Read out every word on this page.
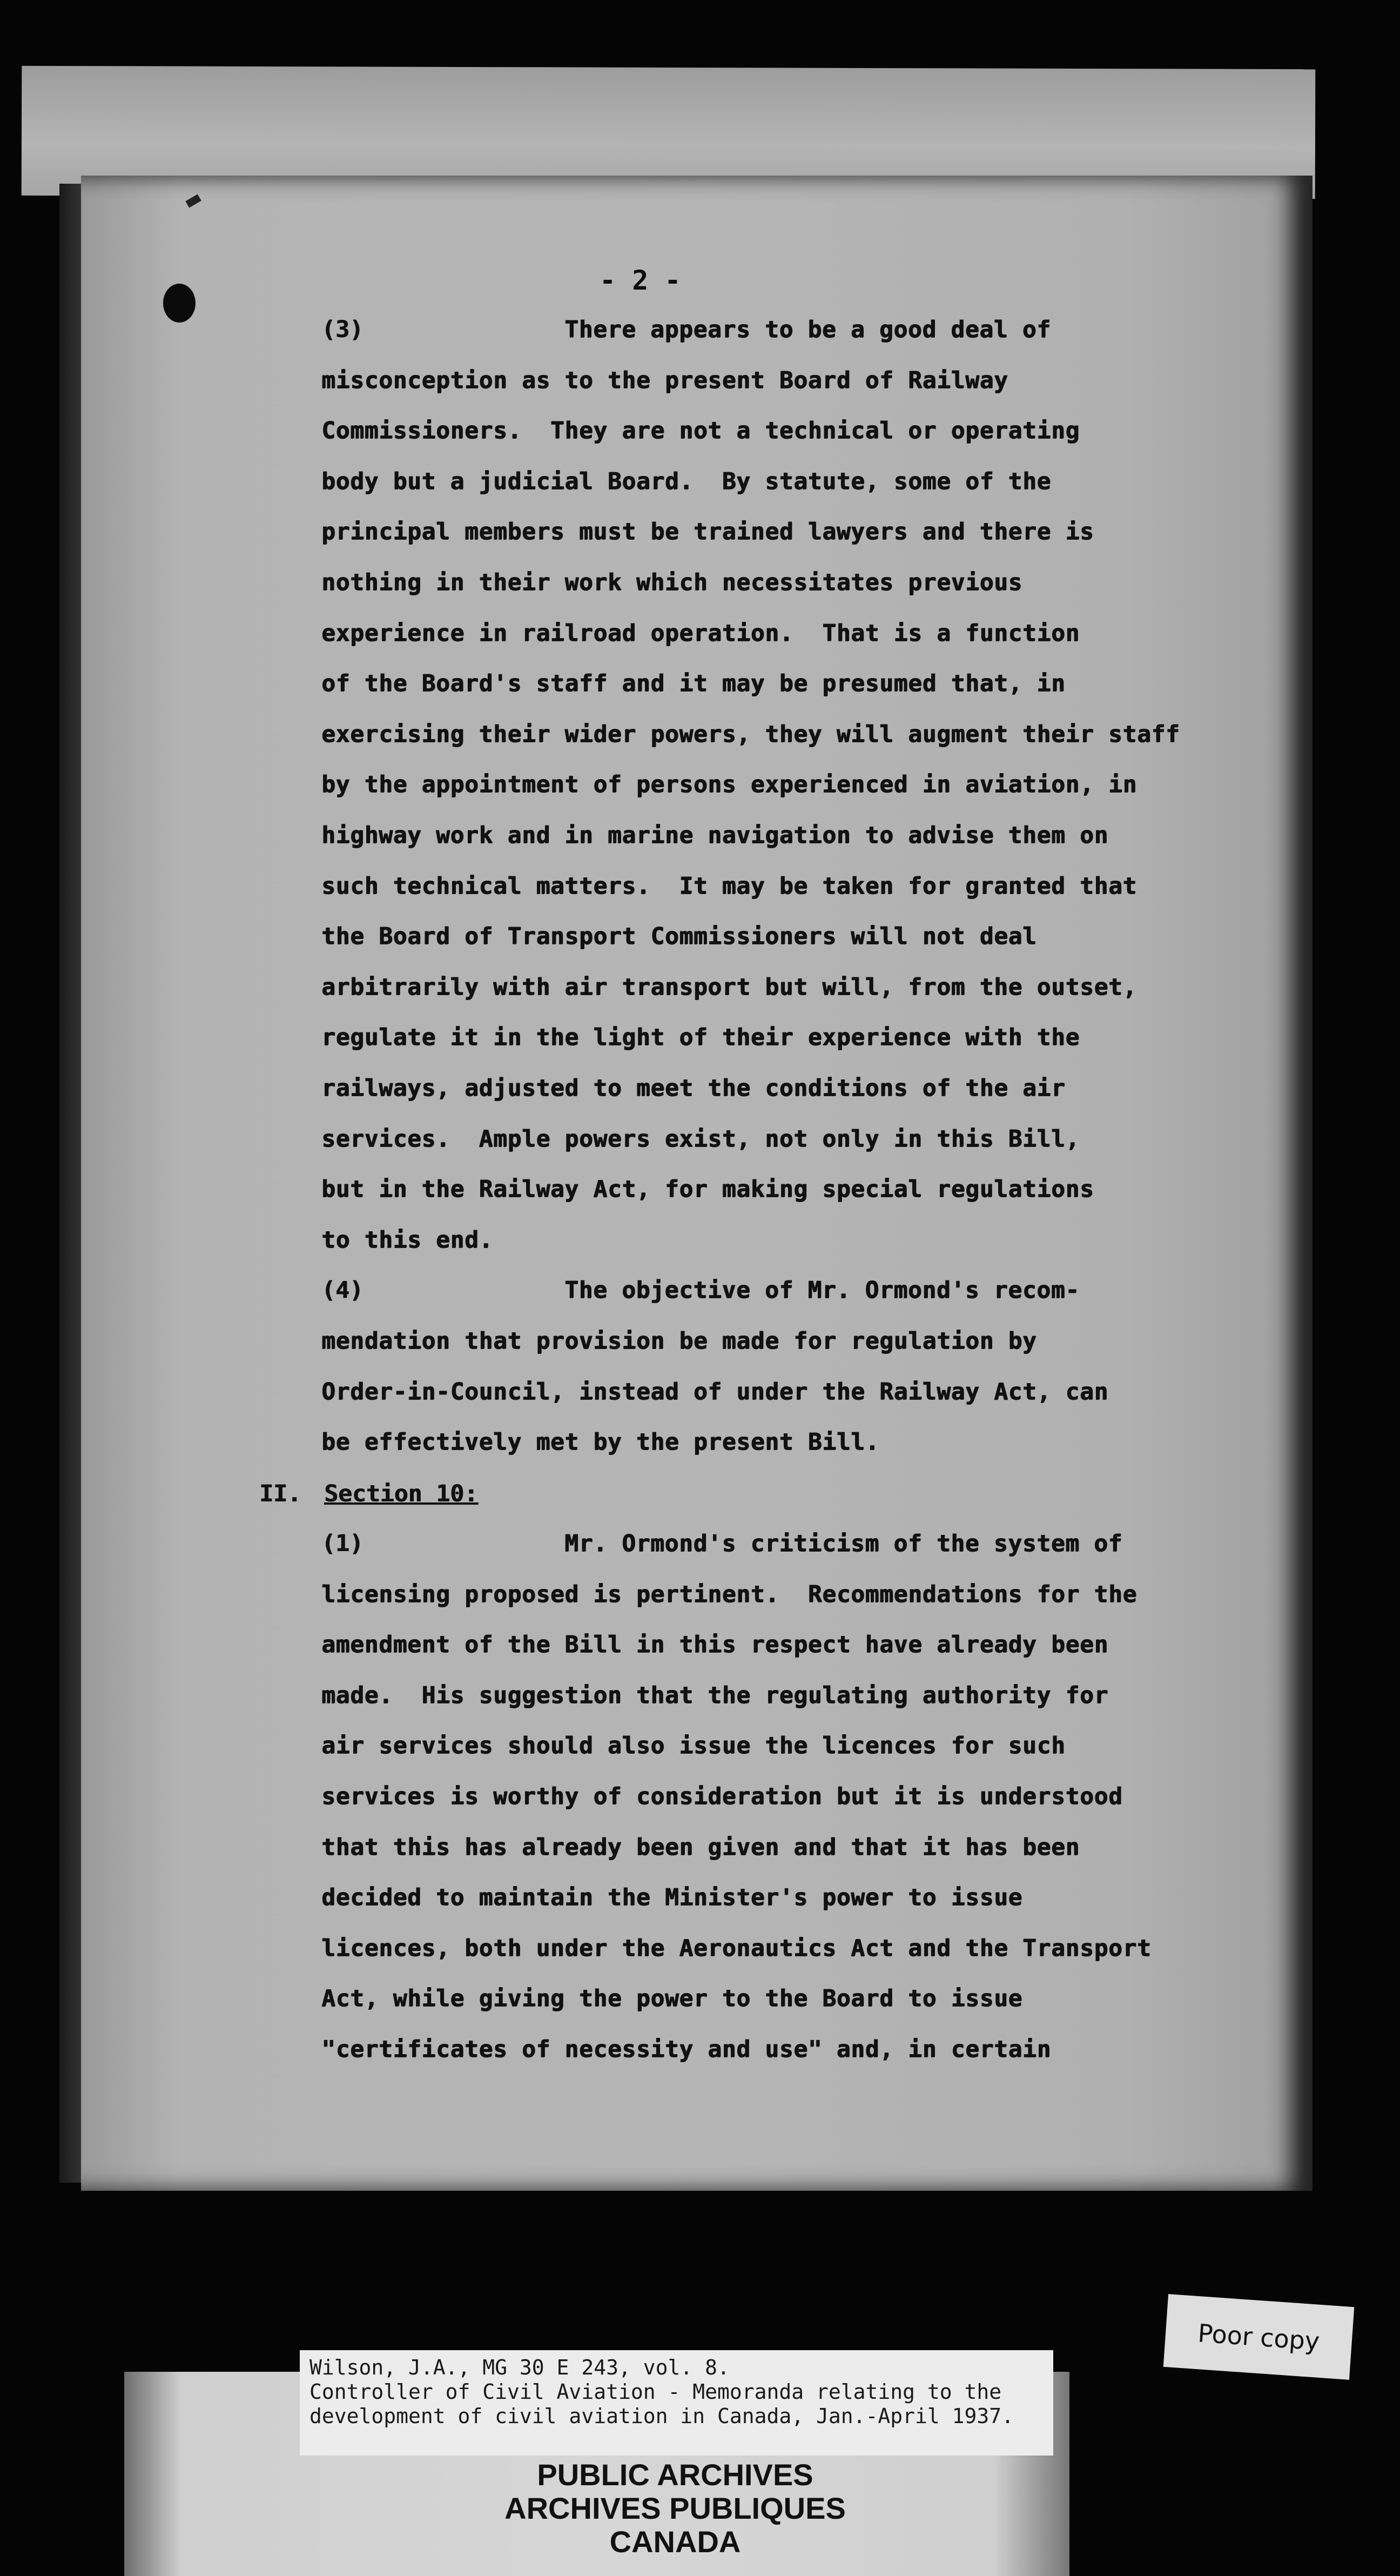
- 2 -
(3)	There appears to be a good deal of
misconception as to the present Board of Railway
Commissioners.  They are not a technical or operating
body but a judicial Board.  By statute, some of the
principal members must be trained lawyers and there is
nothing in their work which necessitates previous
experience in railroad operation.  That is a function
of the Board's staff and it may be presumed that, in
exercising their wider powers, they will augment their staff
by the appointment of persons experienced in aviation, in
highway work and in marine navigation to advise them on
such technical matters.  It may be taken for granted that
the Board of Transport Commissioners will not deal
arbitrarily with air transport but will, from the outset,
regulate it in the light of their experience with the
railways, adjusted to meet the conditions of the air
services.  Ample powers exist, not only in this Bill,
but in the Railway Act, for making special regulations
to this end.
(4)	The objective of Mr. Ormond's recom-
mendation that provision be made for regulation by
Order-in-Council, instead of under the Railway Act, can
be effectively met by the present Bill.
II. Section 10:
(1)	Mr. Ormond's criticism of the system of
licensing proposed is pertinent.  Recommendations for the
amendment of the Bill in this respect have already been
made.  His suggestion that the regulating authority for
air services should also issue the licences for such
services is worthy of consideration but it is understood
that this has already been given and that it has been
decided to maintain the Minister's power to issue
licences, both under the Aeronautics Act and the Transport
Act, while giving the power to the Board to issue
"certificates of necessity and use" and, in certain
Wilson, J.A., MG 30 E 243, vol. 8.
Controller of Civil Aviation - Memoranda relating to the
development of civil aviation in Canada, Jan.-April 1937.
PUBLIC ARCHIVES
ARCHIVES PUBLIQUES
CANADA
Poor copy
